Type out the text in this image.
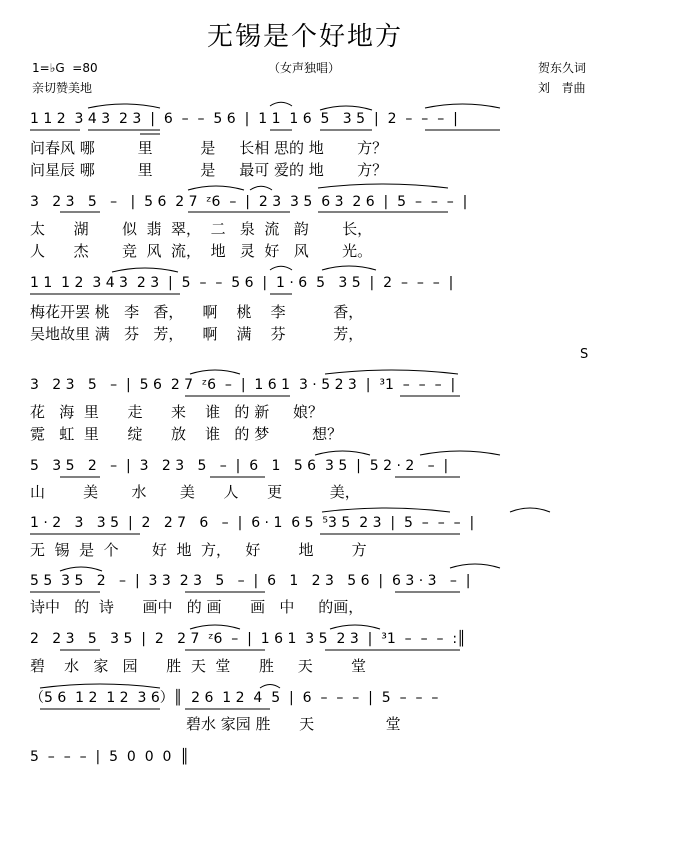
无锡是个好地方
1=♭G  =80
亲切赞美地
（女声独唱）	贺东久词
刘   青曲
S
1 1 2  3 4 3  2 3  |  6  –  –  5 6  |  1 1  1 6  5   3 5  |  2  –  –  –  |
问春风 哪         里          是     长相 思的 地       方？
问星辰 哪         里          是     最可 爱的 地       方？
3   2 3   5   –   |  5 6  2 7  ᶻ6  –  |  2 3  3 5  6 3  2 6  |  5  –  –  –  |
太      湖       似  翡  翠，  二   泉  流   韵       长，
人      杰       竞  风  流，  地   灵  好   风       光。
1 1  1 2  3 4 3  2 3  |  5  –  –  5 6  |  1 · 6  5   3 5  |  2  –  –  –  |
梅花开罢 桃   李   香，    啊    桃    李          香，
吴地故里 满   芬   芳，    啊    满    芬          芳，
3   2 3   5   –  |  5 6  2 7  ᶻ6  –  |  1 6 1  3 · 5 2 3  |  ³1  –  –  –  |
花   海  里      走      来    谁   的 新     娘？
霓   虹  里      绽      放    谁   的 梦         想？
5   3 5   2   –  |  3   2 3   5   –  |  6   1   5 6  3 5  |  5 2 · 2   –  |
山        美       水       美      人      更          美，
1 · 2   3   3 5  |  2   2 7   6   –  |  6 · 1  6 5  ⁵3 5  2 3  |  5  –  –  –  |
无  锡  是  个       好  地  方，   好        地        方
5 5  3 5   2   –  |  3 3  2 3   5   –  |  6   1   2 3   5 6  |  6 3 · 3   –  |
诗中   的  诗      画中   的 画      画   中     的画，
2   2 3   5   3 5  |  2   2 7  ᶻ6  –  |  1 6 1  3 5  2 3  |  ³1  –  –  –  :║
碧    水   家   园      胜  天  堂      胜     天        堂
（5 6  1 2  1 2  3 6）║  2 6  1 2  4  5  |  6  –  –  –  |  5  –  –  –
碧水 家园 胜      天               堂
5  –  –  –  |  5  0  0  0  ║
